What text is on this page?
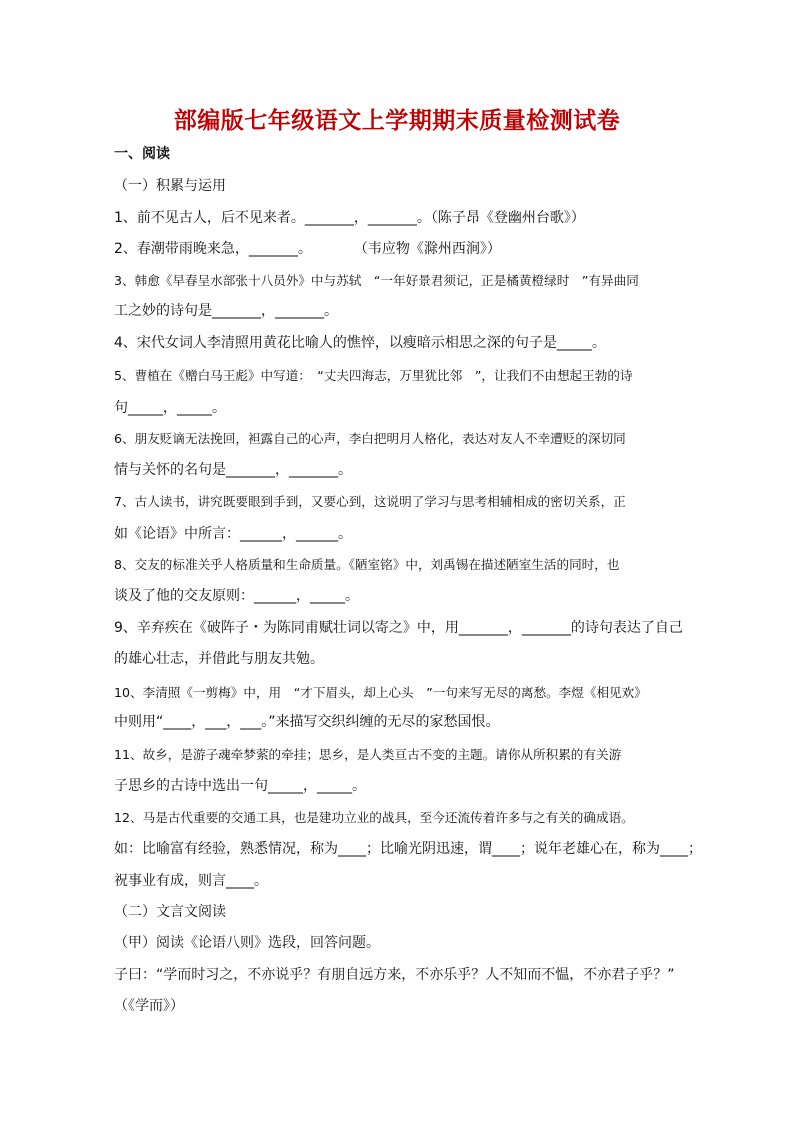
部编版七年级语文上学期期末质量检测试卷
一、阅读
（一）积累与运用
1、前不见古人，后不见来者。_______，_______。（陈子昂《登幽州台歌》）
2、春潮带雨晚来急，_______。　　　　（韦应物《滁州西涧》）
3、韩愈《早春呈水部张十八员外》中与苏轼　“一年好景君须记，正是橘黄橙绿时　”有异曲同
工之妙的诗句是_______，_______。
4、宋代女词人李清照用黄花比喻人的憔悴，以瘦暗示相思之深的句子是_____。
5、曹植在《赠白马王彪》中写道：　“丈夫四海志，万里犹比邻　”，让我们不由想起王勃的诗
句_____，_____。
6、朋友贬谪无法挽回，袒露自己的心声，李白把明月人格化，表达对友人不幸遭贬的深切同
情与关怀的名句是_______，_______。
7、古人读书，讲究既要眼到手到，又要心到，这说明了学习与思考相辅相成的密切关系，正
如《论语》中所言：______，______。
8、交友的标准关乎人格质量和生命质量。《陋室铭》中，刘禹锡在描述陋室生活的同时，也
谈及了他的交友原则：______，_____。
9、辛弃疾在《破阵子・为陈同甫赋壮词以寄之》中，用_______，_______的诗句表达了自己
的雄心壮志，并借此与朋友共勉。
10、李清照《一剪梅》中，用　“才下眉头，却上心头　”一句来写无尽的离愁。李煜《相见欢》
中则用“____，___，___。”来描写交织纠缠的无尽的家愁国恨。
11、故乡，是游子魂牵梦萦的牵挂；思乡，是人类亘古不变的主题。请你从所积累的有关游
子思乡的古诗中选出一句_____，_____。
12、马是古代重要的交通工具，也是建功立业的战具，至今还流传着许多与之有关的确成语。
如：比喻富有经验，熟悉情况，称为____；比喻光阴迅速，谓____；说年老雄心在，称为____；
祝事业有成，则言____。
（二）文言文阅读
（甲）阅读《论语八则》选段，回答问题。
子曰：“学而时习之，不亦说乎？有朋自远方来，不亦乐乎？人不知而不愠，不亦君子乎？”
（《学而》）
